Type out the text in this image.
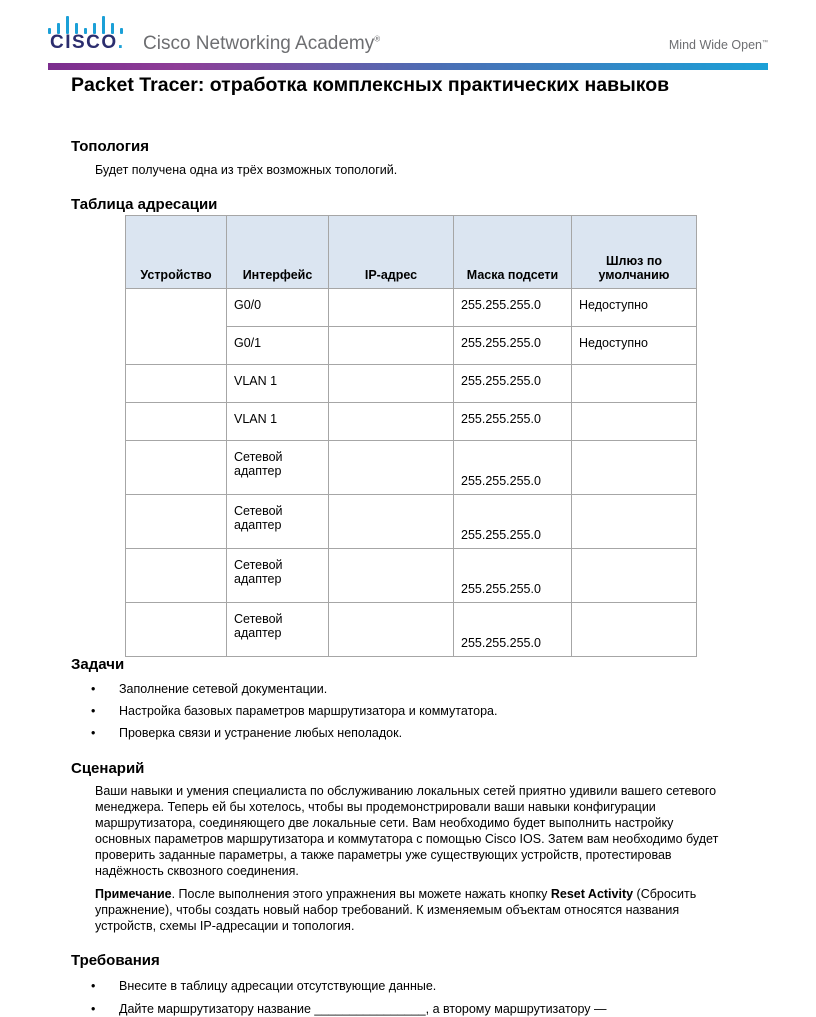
CISCO. Cisco Networking Academy®	Mind Wide Open™
Packet Tracer: отработка комплексных практических навыков
Топология
Будет получена одна из трёх возможных топологий.
Таблица адресации
Устройство	Интерфейс	IP-адрес	Маска подсети	Шлюз по умолчанию
	G0/0		255.255.255.0	Недоступно
	G0/1		255.255.255.0	Недоступно
	VLAN 1		255.255.255.0	
	VLAN 1		255.255.255.0	
	Сетевой адаптер		255.255.255.0	
	Сетевой адаптер		255.255.255.0	
	Сетевой адаптер		255.255.255.0	
	Сетевой адаптер		255.255.255.0	
Задачи
• Заполнение сетевой документации.
• Настройка базовых параметров маршрутизатора и коммутатора.
• Проверка связи и устранение любых неполадок.
Сценарий
Ваши навыки и умения специалиста по обслуживанию локальных сетей приятно удивили вашего сетевого менеджера. Теперь ей бы хотелось, чтобы вы продемонстрировали ваши навыки конфигурации маршрутизатора, соединяющего две локальные сети. Вам необходимо будет выполнить настройку основных параметров маршрутизатора и коммутатора с помощью Cisco IOS. Затем вам необходимо будет проверить заданные параметры, а также параметры уже существующих устройств, протестировав надёжность сквозного соединения.
Примечание. После выполнения этого упражнения вы можете нажать кнопку Reset Activity (Сбросить упражнение), чтобы создать новый набор требований. К изменяемым объектам относятся названия устройств, схемы IP-адресации и топология.
Требования
• Внесите в таблицу адресации отсутствующие данные.
• Дайте маршрутизатору название ________________, а второму маршрутизатору —
